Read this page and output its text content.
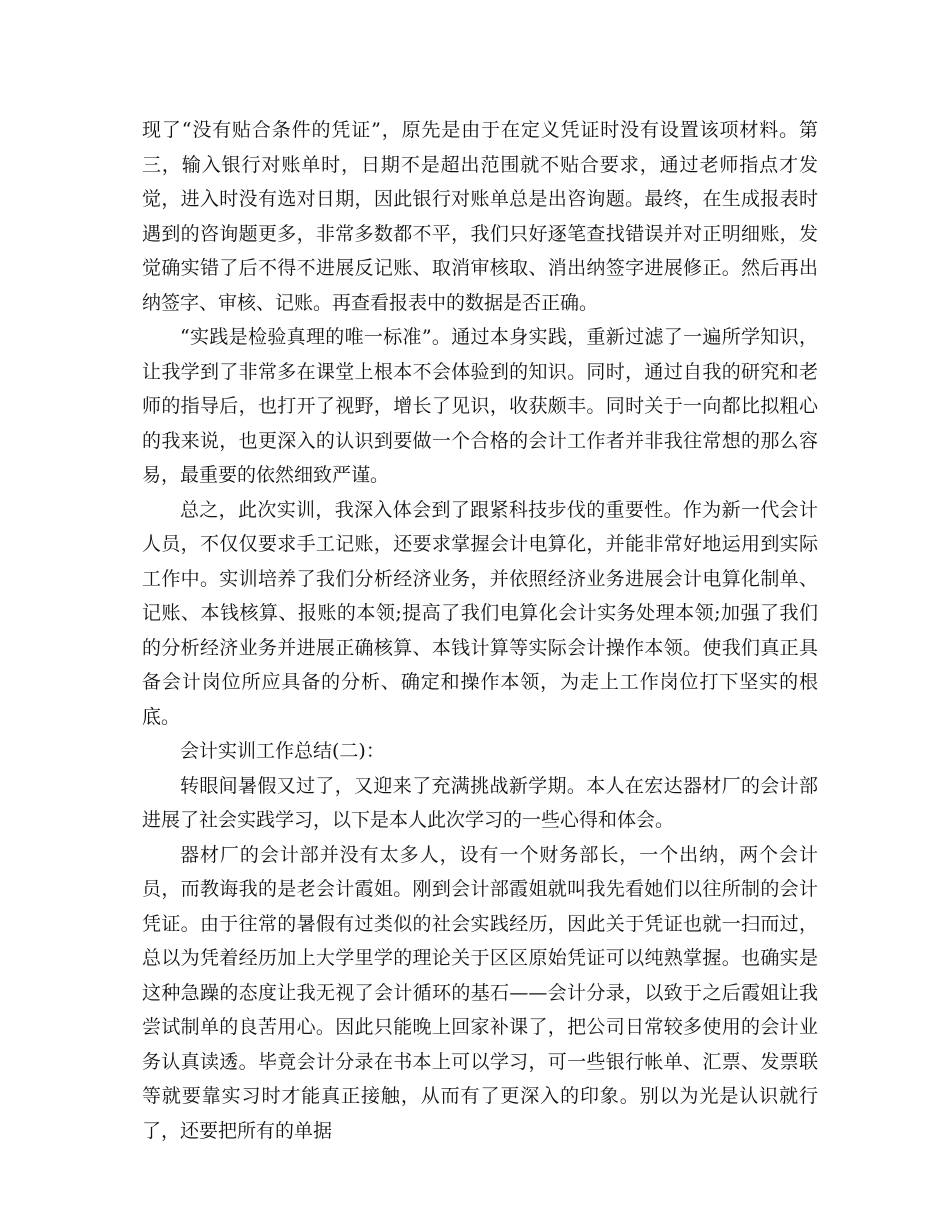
现了“没有贴合条件的凭证”，原先是由于在定义凭证时没有设置该项材料。第三，输入银行对账单时，日期不是超出范围就不贴合要求，通过老师指点才发觉，进入时没有选对日期，因此银行对账单总是出咨询题。最终，在生成报表时遇到的咨询题更多，非常多数都不平，我们只好逐笔查找错误并对正明细账，发觉确实错了后不得不进展反记账、取消审核取、消出纳签字进展修正。然后再出纳签字、审核、记账。再查看报表中的数据是否正确。

“实践是检验真理的唯一标准”。通过本身实践，重新过滤了一遍所学知识，让我学到了非常多在课堂上根本不会体验到的知识。同时，通过自我的研究和老师的指导后，也打开了视野，增长了见识，收获颇丰。同时关于一向都比拟粗心的我来说，也更深入的认识到要做一个合格的会计工作者并非我往常想的那么容易，最重要的依然细致严谨。

总之，此次实训，我深入体会到了跟紧科技步伐的重要性。作为新一代会计人员，不仅仅要求手工记账，还要求掌握会计电算化，并能非常好地运用到实际工作中。实训培养了我们分析经济业务，并依照经济业务进展会计电算化制单、记账、本钱核算、报账的本领;提高了我们电算化会计实务处理本领;加强了我们的分析经济业务并进展正确核算、本钱计算等实际会计操作本领。使我们真正具备会计岗位所应具备的分析、确定和操作本领，为走上工作岗位打下坚实的根底。

会计实训工作总结(二)：

转眼间暑假又过了，又迎来了充满挑战新学期。本人在宏达器材厂的会计部进展了社会实践学习，以下是本人此次学习的一些心得和体会。

器材厂的会计部并没有太多人，设有一个财务部长，一个出纳，两个会计员，而教诲我的是老会计霞姐。刚到会计部霞姐就叫我先看她们以往所制的会计凭证。由于往常的暑假有过类似的社会实践经历，因此关于凭证也就一扫而过，总以为凭着经历加上大学里学的理论关于区区原始凭证可以纯熟掌握。也确实是这种急躁的态度让我无视了会计循环的基石——会计分录，以致于之后霞姐让我尝试制单的良苦用心。因此只能晚上回家补课了，把公司日常较多使用的会计业务认真读透。毕竟会计分录在书本上可以学习，可一些银行帐单、汇票、发票联等就要靠实习时才能真正接触，从而有了更深入的印象。别以为光是认识就行了，还要把所有的单据
